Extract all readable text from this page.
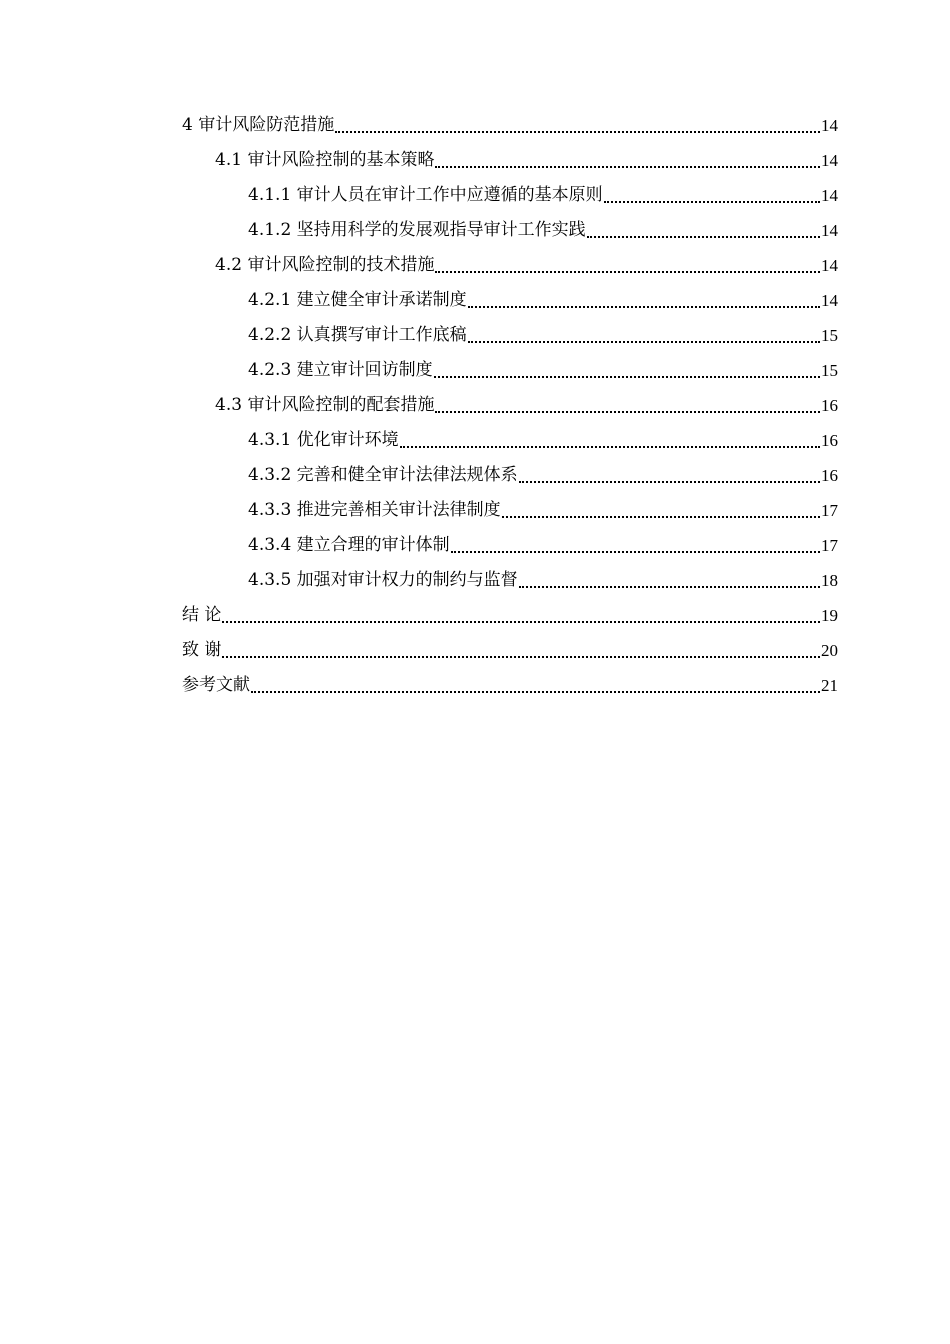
4 审计风险防范措施	14
4.1 审计风险控制的基本策略	14
4.1.1 审计人员在审计工作中应遵循的基本原则	14
4.1.2 坚持用科学的发展观指导审计工作实践	14
4.2 审计风险控制的技术措施	14
4.2.1 建立健全审计承诺制度	14
4.2.2 认真撰写审计工作底稿	15
4.2.3 建立审计回访制度	15
4.3 审计风险控制的配套措施	16
4.3.1 优化审计环境	16
4.3.2 完善和健全审计法律法规体系	16
4.3.3 推进完善相关审计法律制度	17
4.3.4 建立合理的审计体制	17
4.3.5 加强对审计权力的制约与监督	18
结 论	19
致 谢	20
参考文献	21
